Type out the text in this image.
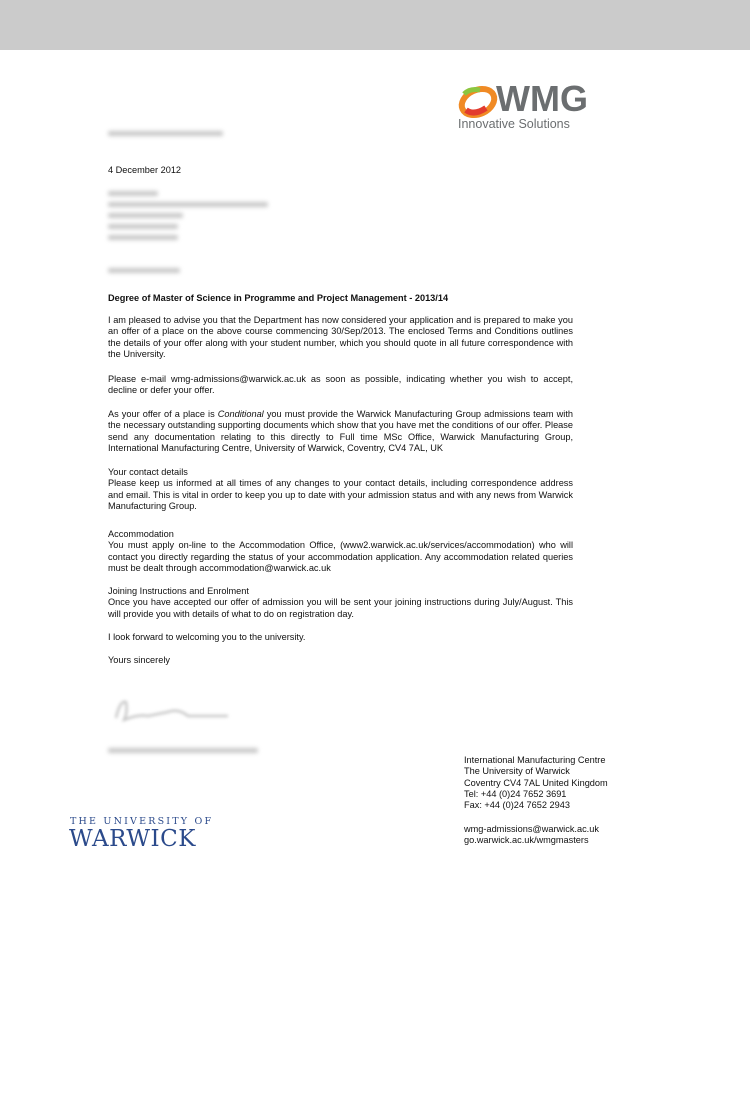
WMG
Innovative Solutions
4 December 2012
Degree of Master of Science in Programme and Project Management - 2013/14

I am pleased to advise you that the Department has now considered your application and is prepared to make you an offer of a place on the above course commencing 30/Sep/2013. The enclosed Terms and Conditions outlines the details of your offer along with your student number, which you should quote in all future correspondence with the University.

Please e-mail wmg-admissions@warwick.ac.uk as soon as possible, indicating whether you wish to accept, decline or defer your offer.

As your offer of a place is Conditional you must provide the Warwick Manufacturing Group admissions team with the necessary outstanding supporting documents which show that you have met the conditions of our offer. Please send any documentation relating to this directly to Full time MSc Office, Warwick Manufacturing Group, International Manufacturing Centre, University of Warwick, Coventry, CV4 7AL, UK

Your contact details
Please keep us informed at all times of any changes to your contact details, including correspondence address and email. This is vital in order to keep you up to date with your admission status and with any news from Warwick Manufacturing Group.
Accommodation
You must apply on-line to the Accommodation Office, (www2.warwick.ac.uk/services/accommodation) who will contact you directly regarding the status of your accommodation application. Any accommodation related queries must be dealt through accommodation@warwick.ac.uk
Joining Instructions and Enrolment
Once you have accepted our offer of admission you will be sent your joining instructions during July/August. This will provide you with details of what to do on registration day.

I look forward to welcoming you to the university.

Yours sincerely

International Manufacturing Centre
The University of Warwick
Coventry CV4 7AL United Kingdom
Tel: +44 (0)24 7652 3691
Fax: +44 (0)24 7652 2943
wmg-admissions@warwick.ac.uk
go.warwick.ac.uk/wmgmasters
THE UNIVERSITY OF
WARWICK
